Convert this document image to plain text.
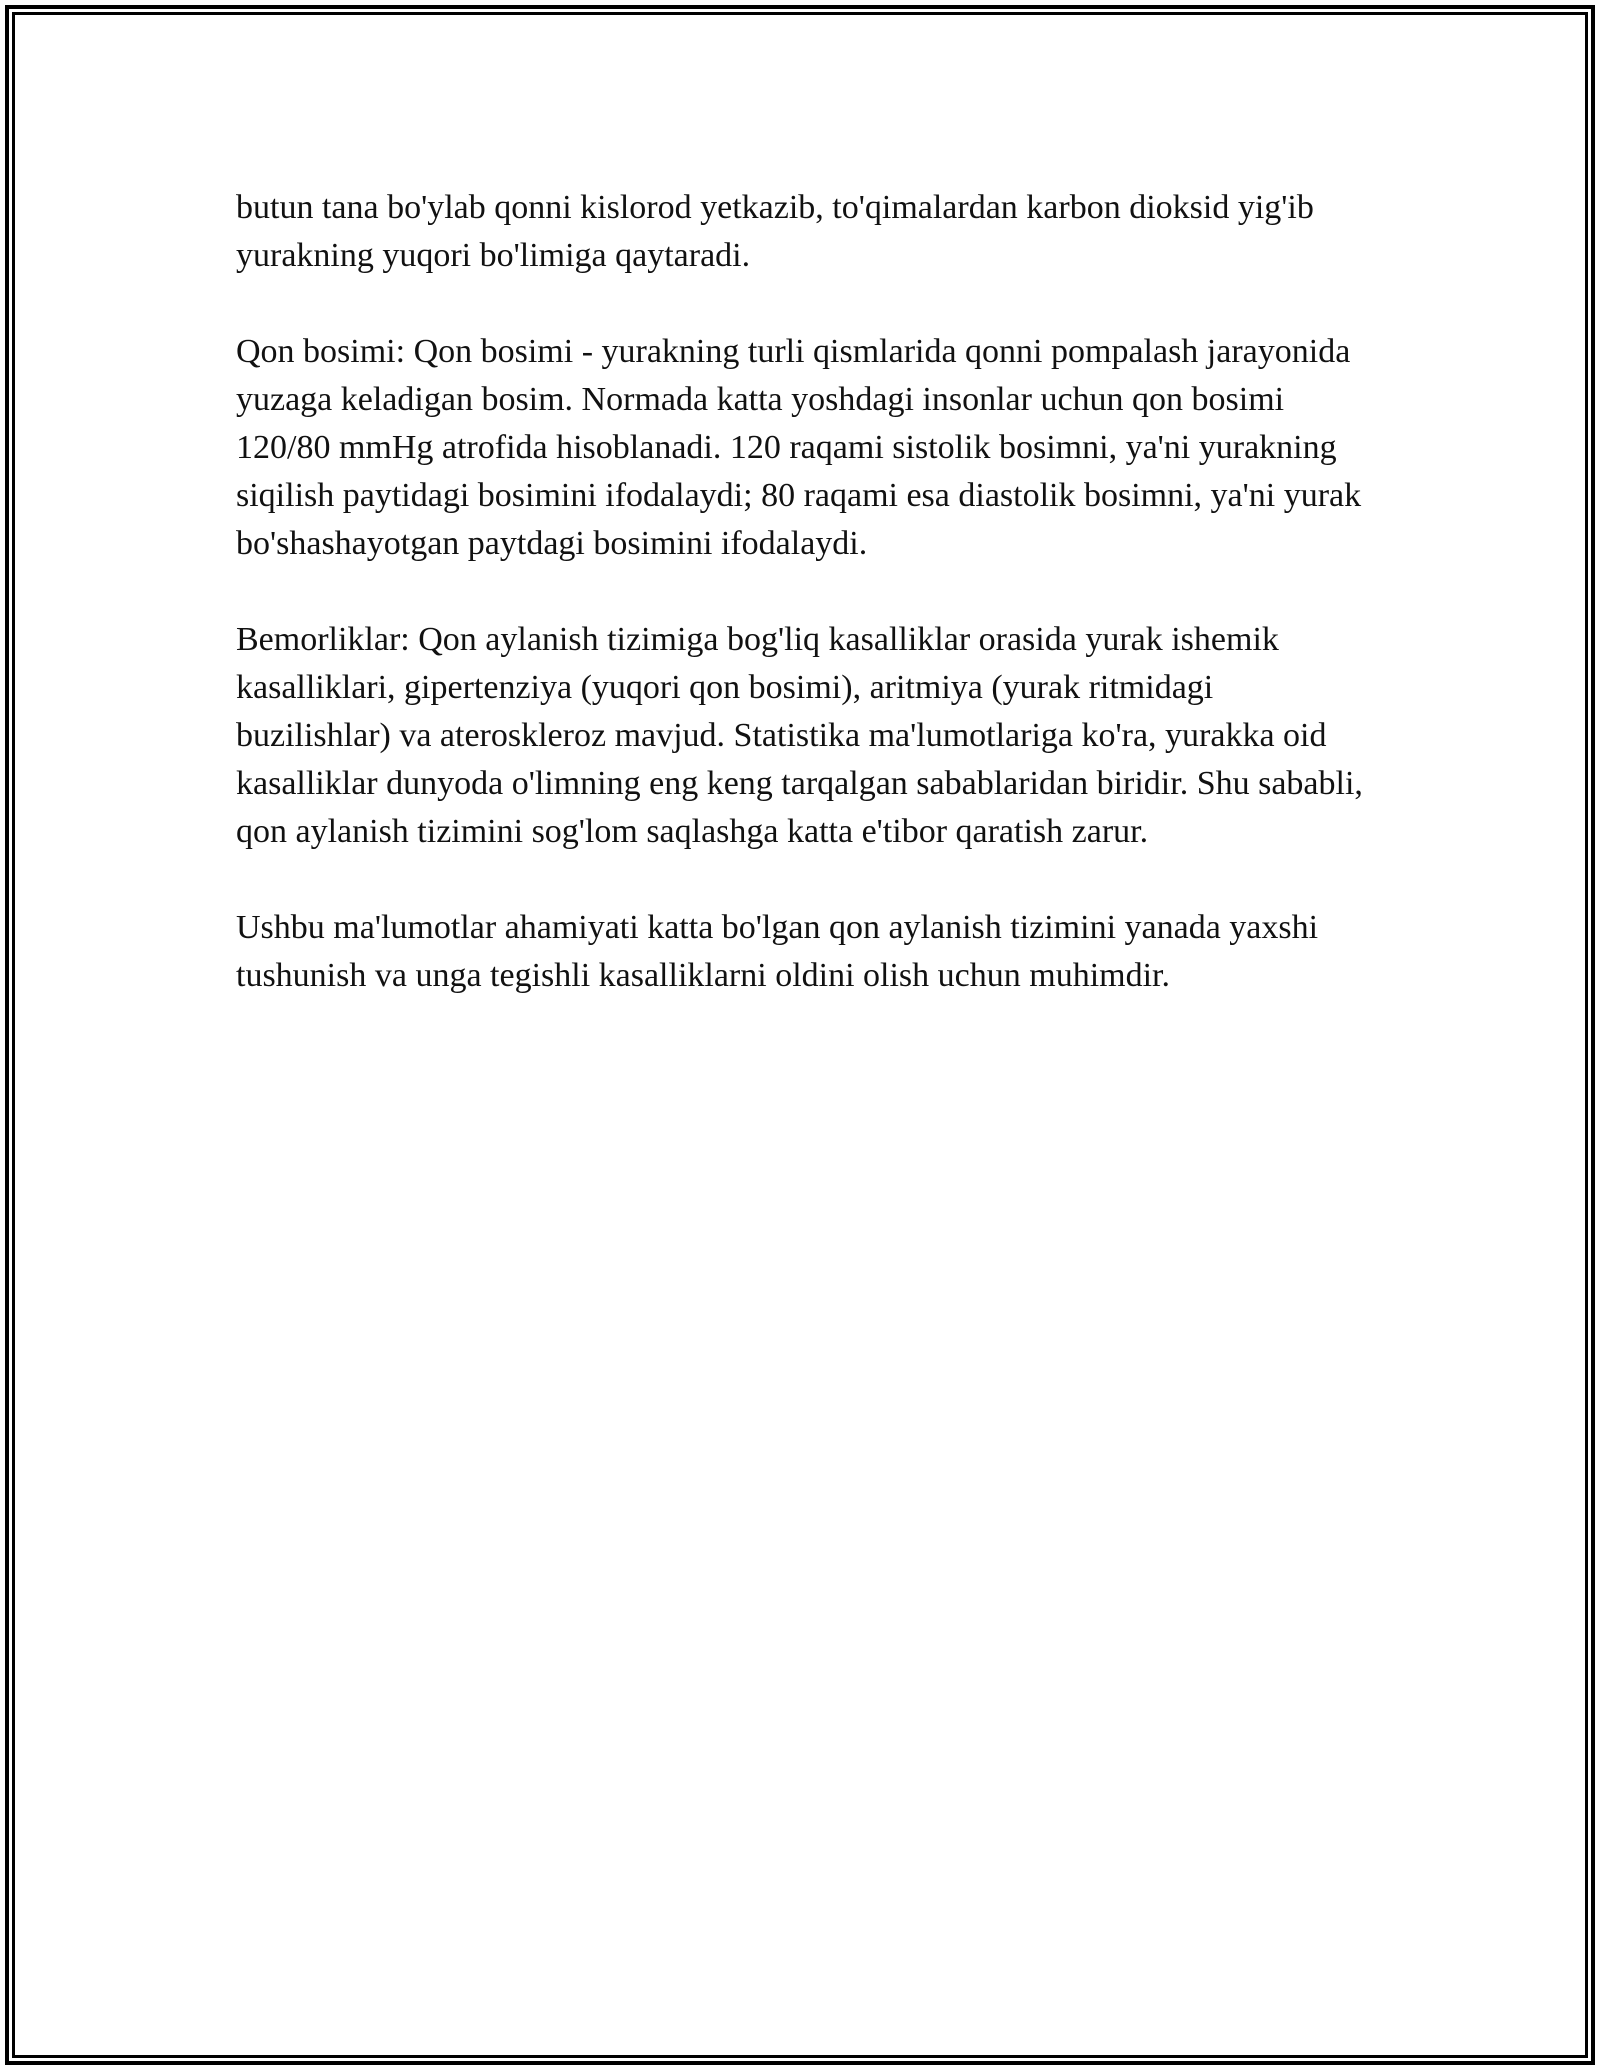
butun tana bo'ylab qonni kislorod yetkazib, to'qimalardan karbon dioksid yig'ib yurakning yuqori bo'limiga qaytaradi.

Qon bosimi: Qon bosimi - yurakning turli qismlarida qonni pompalash jarayonida yuzaga keladigan bosim. Normada katta yoshdagi insonlar uchun qon bosimi 120/80 mmHg atrofida hisoblanadi. 120 raqami sistolik bosimni, ya'ni yurakning siqilish paytidagi bosimini ifodalaydi; 80 raqami esa diastolik bosimni, ya'ni yurak bo'shashayotgan paytdagi bosimini ifodalaydi.

Bemorliklar: Qon aylanish tizimiga bog'liq kasalliklar orasida yurak ishemik kasalliklari, gipertenziya (yuqori qon bosimi), aritmiya (yurak ritmidagi buzilishlar) va ateroskleroz mavjud. Statistika ma'lumotlariga ko'ra, yurakka oid kasalliklar dunyoda o'limning eng keng tarqalgan sabablaridan biridir. Shu sababli, qon aylanish tizimini sog'lom saqlashga katta e'tibor qaratish zarur.

Ushbu ma'lumotlar ahamiyati katta bo'lgan qon aylanish tizimini yanada yaxshi tushunish va unga tegishli kasalliklarni oldini olish uchun muhimdir.
